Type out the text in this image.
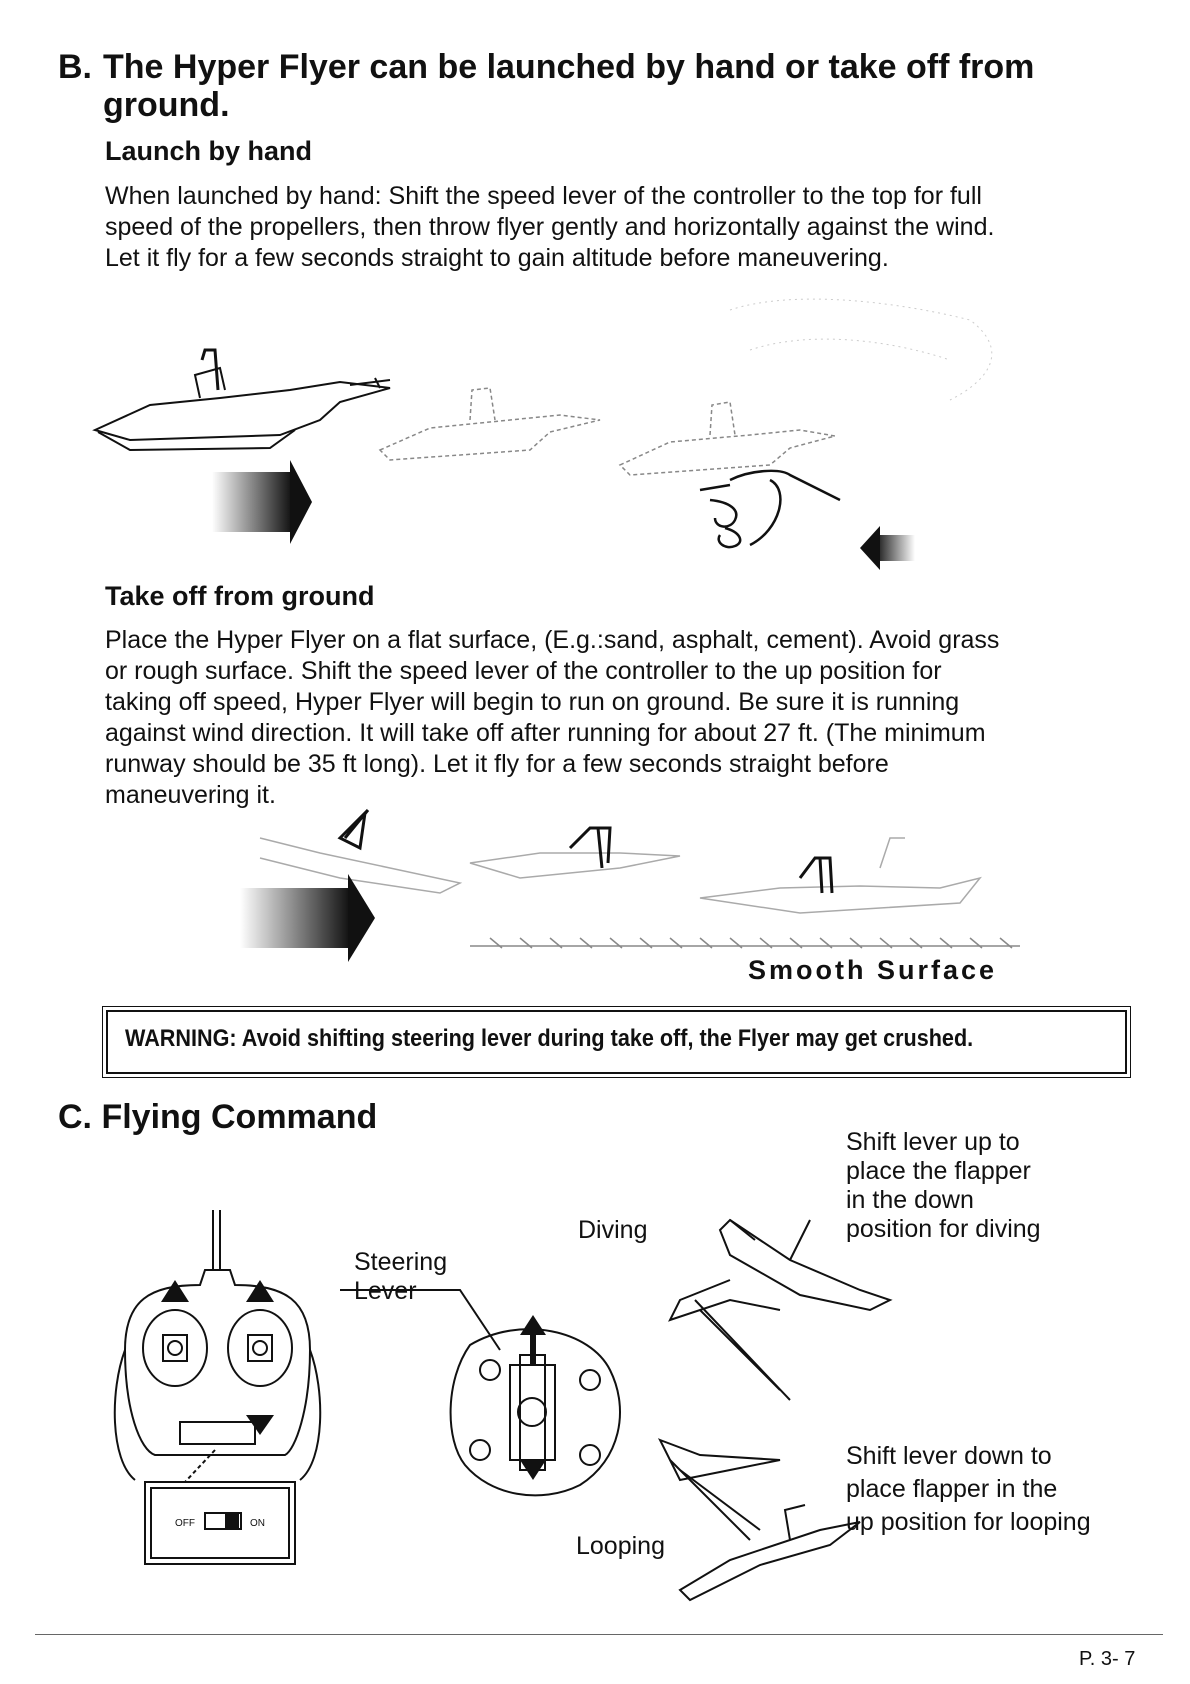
B. The Hyper Flyer can be launched by hand or take off from
ground.
Launch by hand
When launched by hand: Shift the speed lever of the controller to the top for full
speed of the propellers, then throw flyer gently and horizontally against the wind.
Let it fly for a few seconds straight to gain altitude before maneuvering.
Take off from ground
Place the Hyper Flyer on a flat surface, (E.g.:sand, asphalt, cement). Avoid grass
or rough surface. Shift the speed lever of the controller to the up position for
taking off speed, Hyper Flyer will begin to run on ground. Be sure it is running
against wind direction. It will take off after running for about 27 ft. (The minimum
runway should be 35 ft long). Let it fly for a few seconds straight before
maneuvering it.
Smooth Surface
WARNING: Avoid shifting steering lever during take off, the Flyer may get crushed.
C. Flying Command
Shift lever up to
place the flapper
in the down
position for diving
Shift lever down to
place flapper in the
up position for looping
Diving
Looping
Steering
Lever
OFF	ON
P. 3- 7
